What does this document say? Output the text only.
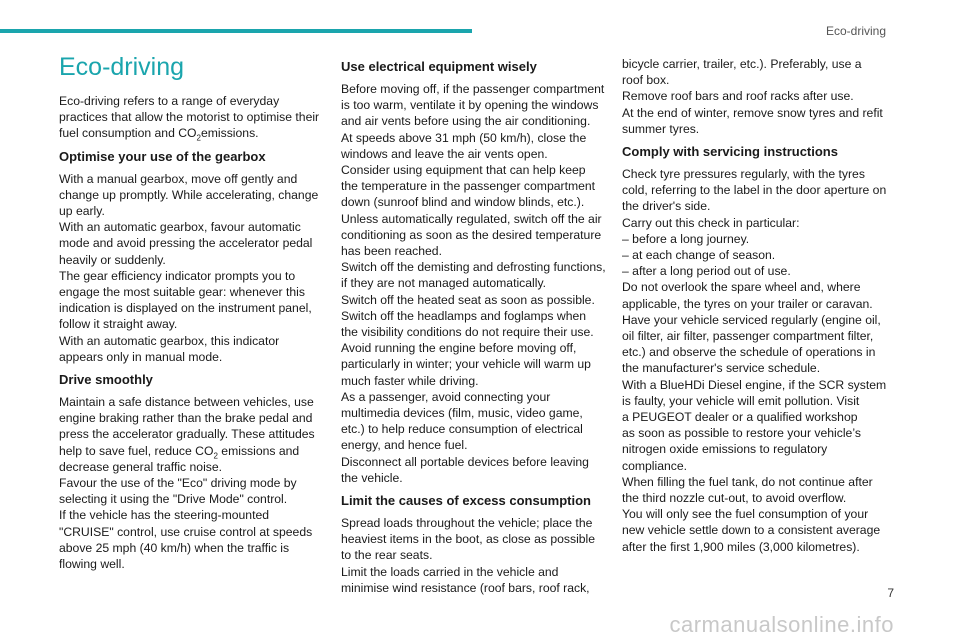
Eco-driving
Eco-driving

Eco-driving refers to a range of everyday
practices that allow the motorist to optimise their
fuel consumption and $CO_2emissions$.

Optimise your use of the gearbox

With a manual gearbox, move off gently and
change up promptly. While accelerating, change
up early.
With an automatic gearbox, favour automatic
mode and avoid pressing the accelerator pedal
heavily or suddenly.
The gear efficiency indicator prompts you to
engage the most suitable gear: whenever this
indication is displayed on the instrument panel,
follow it straight away.
With an automatic gearbox, this indicator
appears only in manual mode.

Drive smoothly

Maintain a safe distance between vehicles, use
engine braking rather than the brake pedal and
press the accelerator gradually. These attitudes
help to save fuel, reduce $CO_2$ emissions and
decrease general traffic noise.
Favour the use of the "Eco" driving mode by
selecting it using the "Drive Mode" control.
If the vehicle has the steering-mounted
"CRUISE" control, use cruise control at speeds
above 25 mph (40 km/h) when the traffic is
flowing well.

Use electrical equipment wisely

Before moving off, if the passenger compartment
is too warm, ventilate it by opening the windows
and air vents before using the air conditioning.
At speeds above 31 mph (50 km/h), close the
windows and leave the air vents open.
Consider using equipment that can help keep
the temperature in the passenger compartment
down (sunroof blind and window blinds, etc.).
Unless automatically regulated, switch off the air
conditioning as soon as the desired temperature
has been reached.
Switch off the demisting and defrosting functions,
if they are not managed automatically.
Switch off the heated seat as soon as possible.
Switch off the headlamps and foglamps when
the visibility conditions do not require their use.
Avoid running the engine before moving off,
particularly in winter; your vehicle will warm up
much faster while driving.
As a passenger, avoid connecting your
multimedia devices (film, music, video game,
etc.) to help reduce consumption of electrical
energy, and hence fuel.
Disconnect all portable devices before leaving
the vehicle.

Limit the causes of excess consumption

Spread loads throughout the vehicle; place the
heaviest items in the boot, as close as possible
to the rear seats.
Limit the loads carried in the vehicle and
minimise wind resistance (roof bars, roof rack,

bicycle carrier, trailer, etc.). Preferably, use a
roof box.
Remove roof bars and roof racks after use.
At the end of winter, remove snow tyres and refit
summer tyres.

Comply with servicing instructions

Check tyre pressures regularly, with the tyres
cold, referring to the label in the door aperture on
the driver's side.
Carry out this check in particular:

– before a long journey.
– at each change of season.
– after a long period out of use.

Do not overlook the spare wheel and, where
applicable, the tyres on your trailer or caravan.
Have your vehicle serviced regularly (engine oil,
oil filter, air filter, passenger compartment filter,
etc.) and observe the schedule of operations in
the manufacturer's service schedule.
With a BlueHDi Diesel engine, if the SCR system
is faulty, your vehicle will emit pollution. Visit
a PEUGEOT dealer or a qualified workshop
as soon as possible to restore your vehicle’s
nitrogen oxide emissions to regulatory
compliance.
When filling the fuel tank, do not continue after
the third nozzle cut-out, to avoid overflow.
You will only see the fuel consumption of your
new vehicle settle down to a consistent average
after the first 1,900 miles (3,000 kilometres).

carmanualsonline.info
7
